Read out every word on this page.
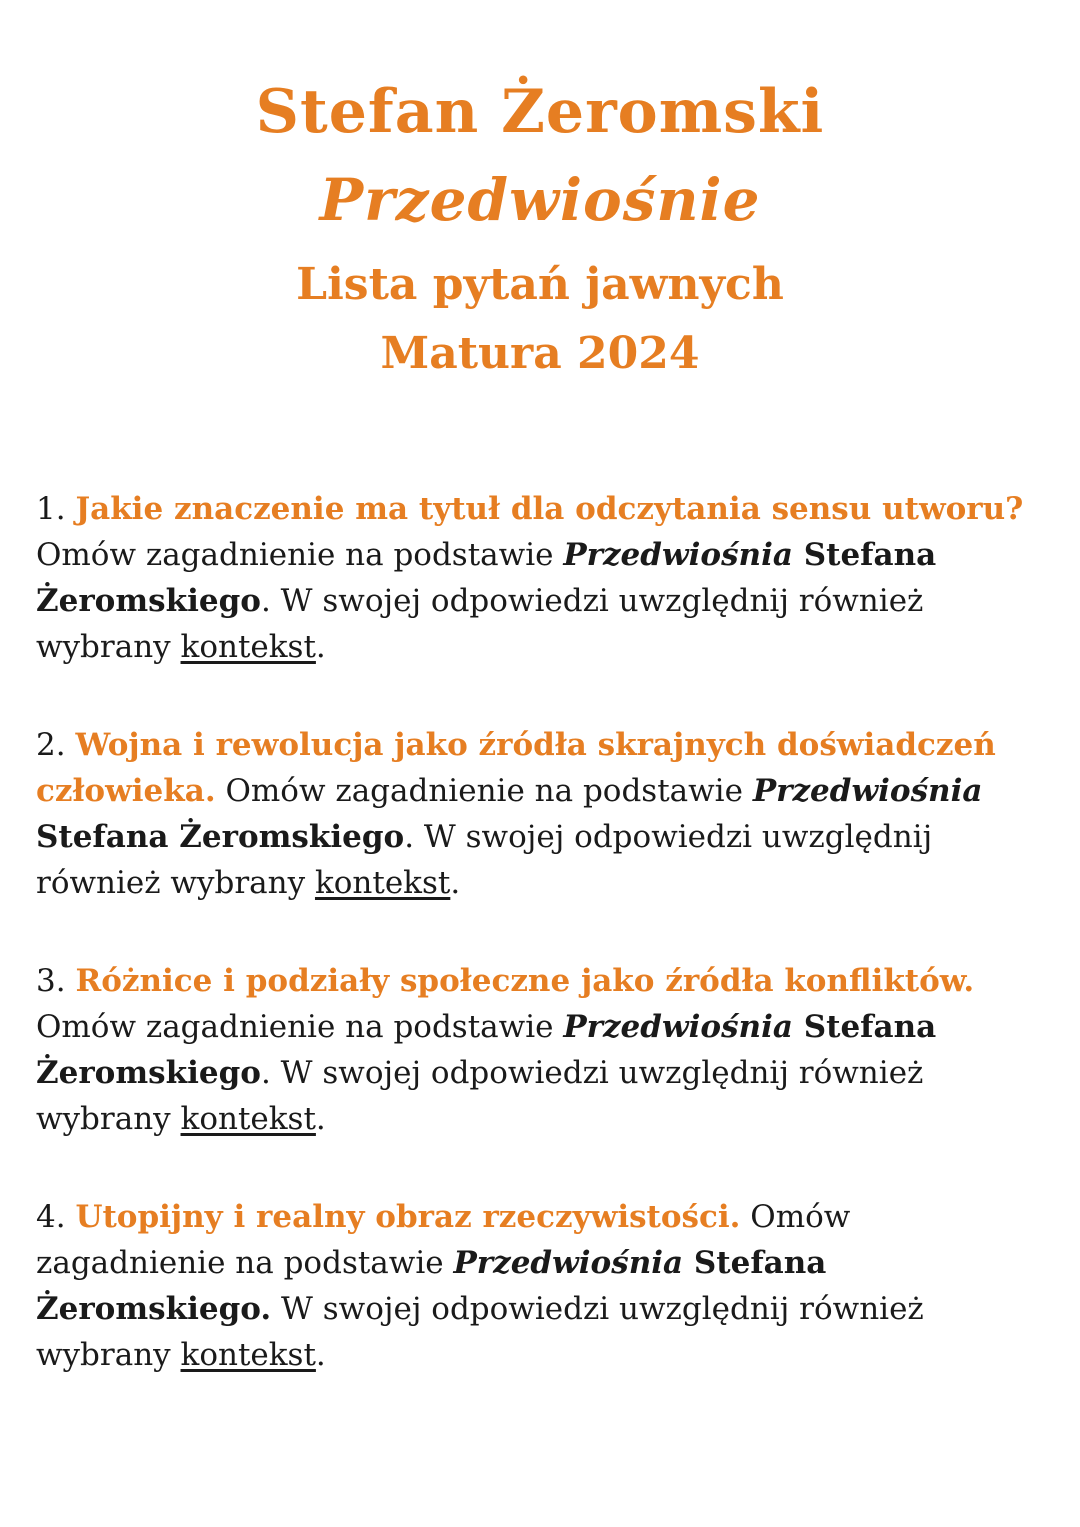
Stefan Żeromski
Przedwiośnie
Lista pytań jawnych
Matura 2024
1. Jakie znaczenie ma tytuł dla odczytania sensu utworu? Omów zagadnienie na podstawie Przedwiośnia Stefana Żeromskiego. W swojej odpowiedzi uwzględnij również wybrany kontekst.
2. Wojna i rewolucja jako źródła skrajnych doświadczeń człowieka. Omów zagadnienie na podstawie Przedwiośnia Stefana Żeromskiego. W swojej odpowiedzi uwzględnij również wybrany kontekst.
3. Różnice i podziały społeczne jako źródła konfliktów. Omów zagadnienie na podstawie Przedwiośnia Stefana Żeromskiego. W swojej odpowiedzi uwzględnij również wybrany kontekst.
4. Utopijny i realny obraz rzeczywistości. Omów zagadnienie na podstawie Przedwiośnia Stefana Żeromskiego. W swojej odpowiedzi uwzględnij również wybrany kontekst.
